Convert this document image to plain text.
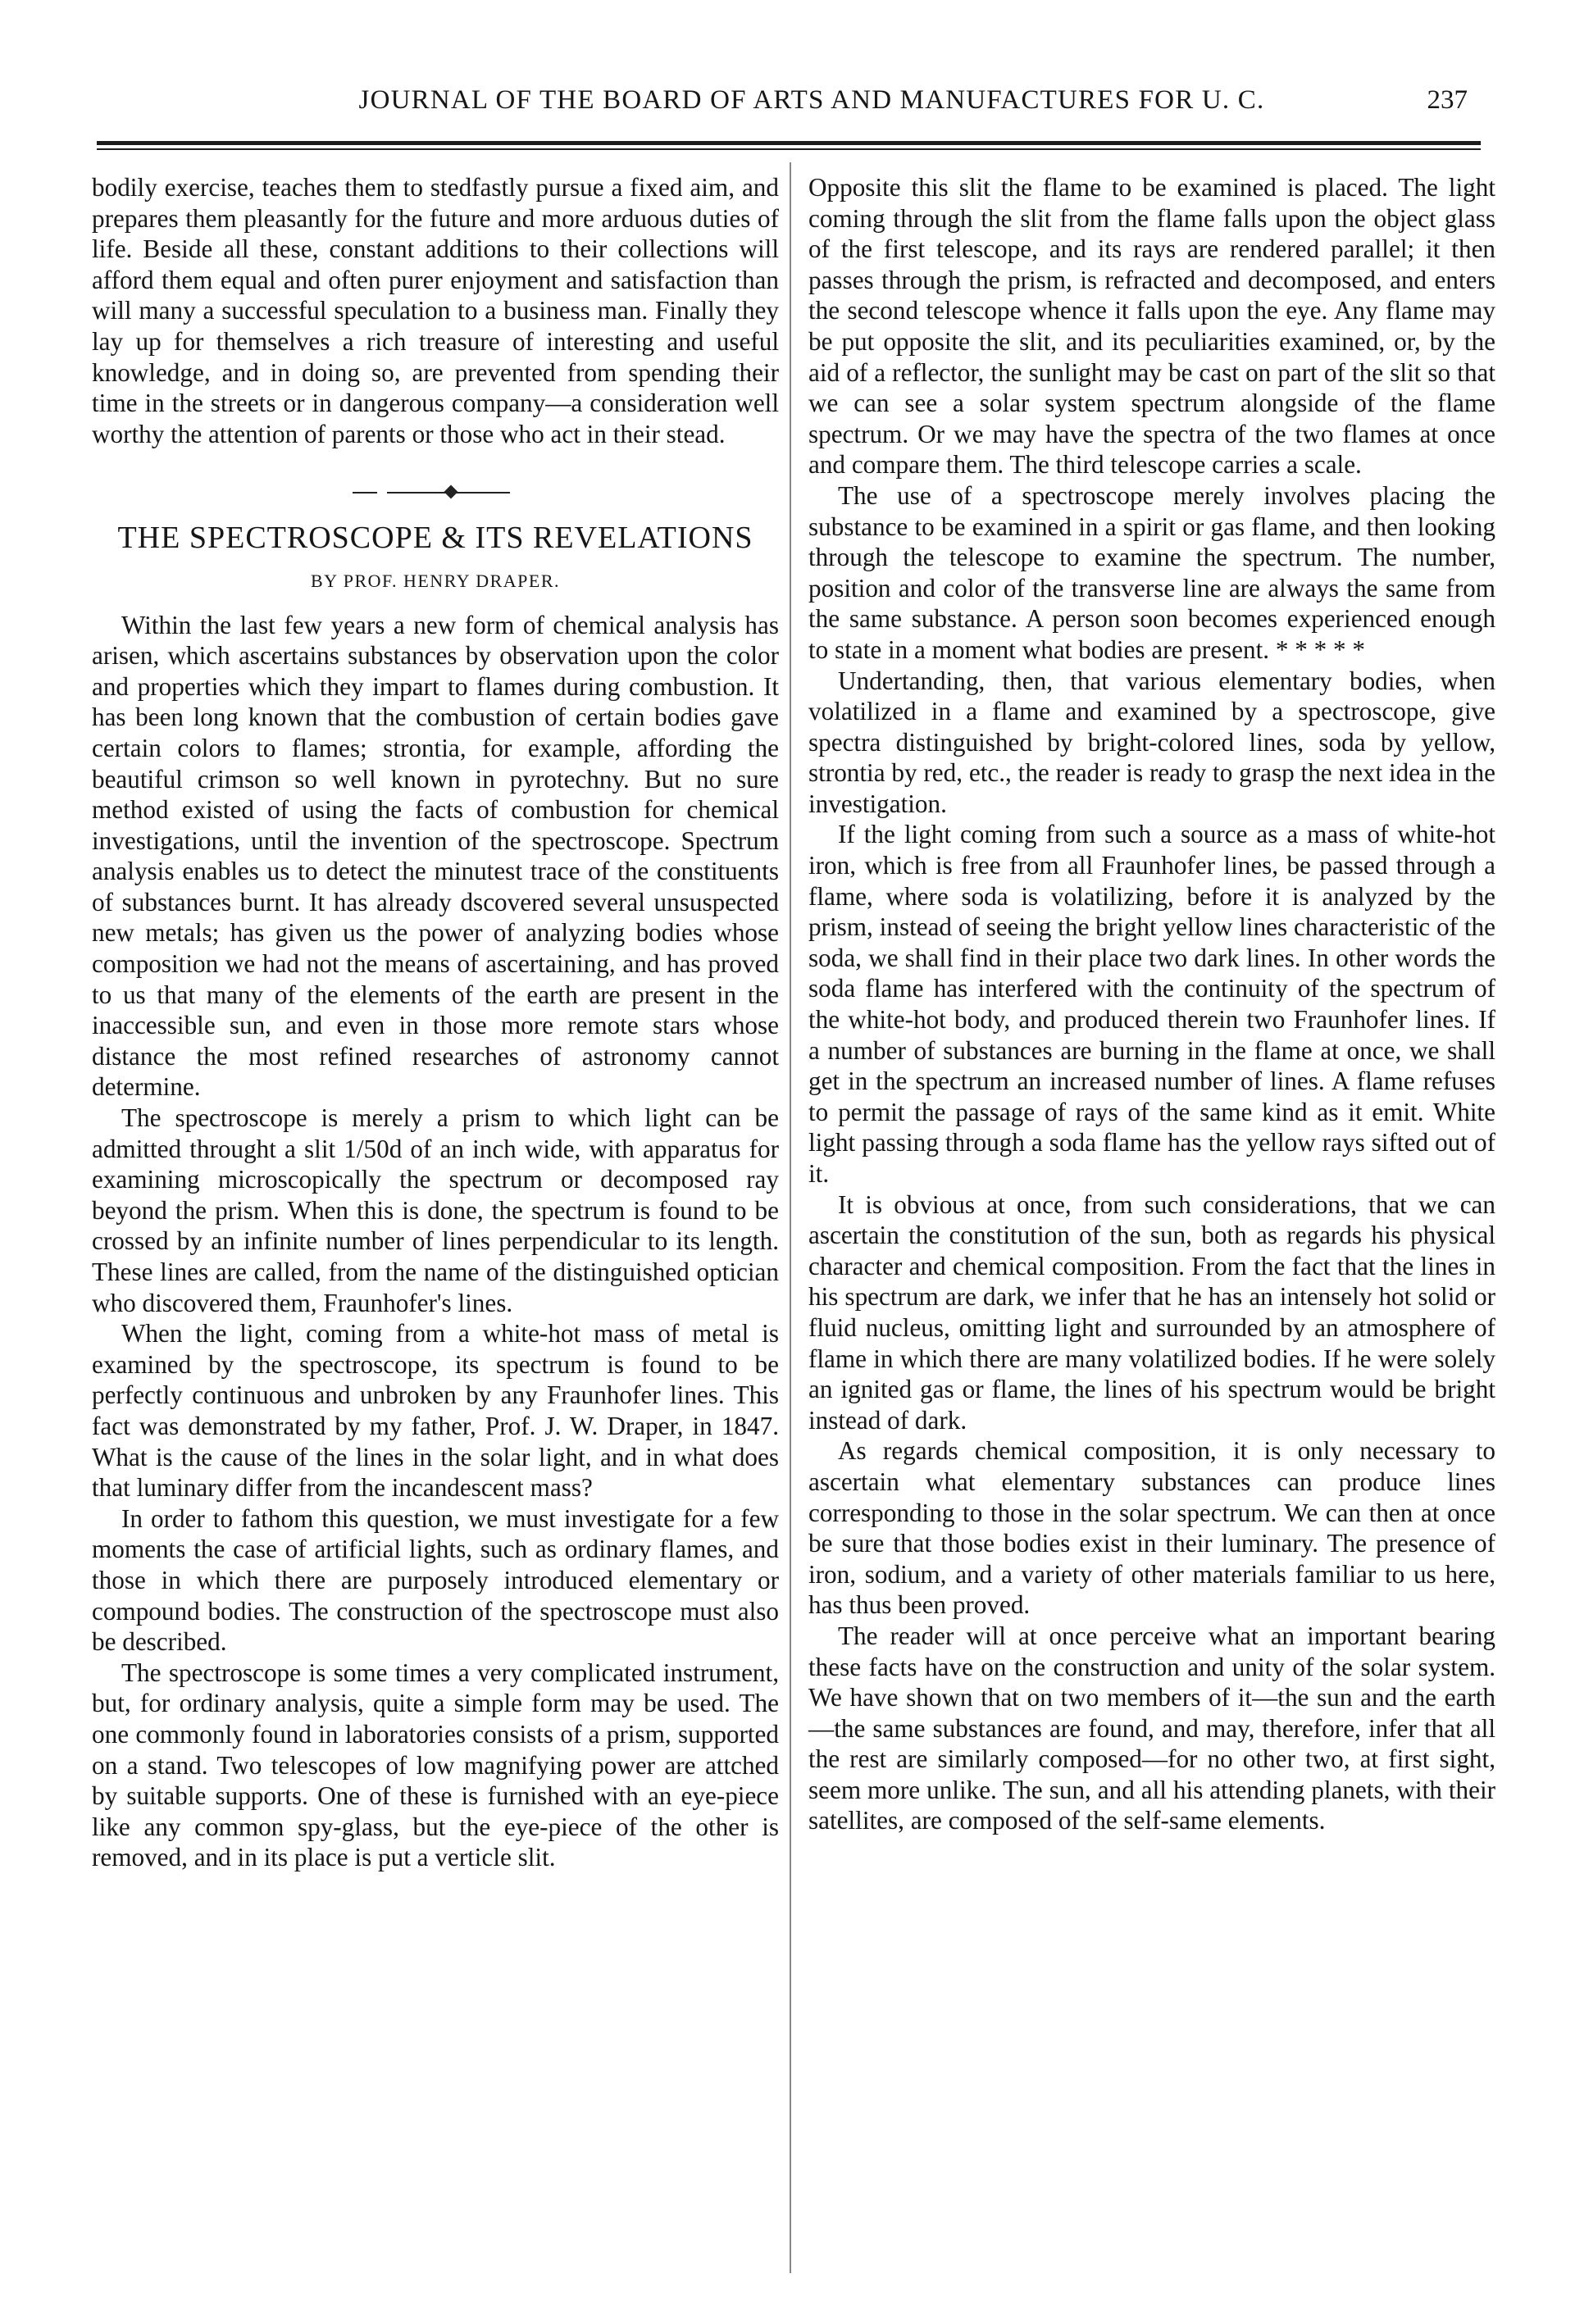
JOURNAL OF THE BOARD OF ARTS AND MANUFACTURES FOR U. C.	237

bodily exercise, teaches them to stedfastly pursue a fixed aim, and prepares them pleasantly for the future and more arduous duties of life. Beside all these, constant additions to their collections will afford them equal and often purer enjoyment and satisfaction than will many a successful speculation to a business man. Finally they lay up for themselves a rich treasure of interesting and useful knowledge, and in doing so, are prevented from spending their time in the streets or in dangerous company—a consideration well worthy the attention of parents or those who act in their stead.

THE SPECTROSCOPE & ITS REVELATIONS
BY PROF. HENRY DRAPER.

Within the last few years a new form of chemical analysis has arisen, which ascertains substances by observation upon the color and properties which they impart to flames during combustion. It has been long known that the combustion of certain bodies gave certain colors to flames; strontia, for example, affording the beautiful crimson so well known in pyrotechny. But no sure method existed of using the facts of combustion for chemical investigations, until the invention of the spectroscope. Spectrum analysis enables us to detect the minutest trace of the constituents of substances burnt. It has already dscovered several unsuspected new metals; has given us the power of analyzing bodies whose composition we had not the means of ascertaining, and has proved to us that many of the elements of the earth are present in the inaccessible sun, and even in those more remote stars whose distance the most refined researches of astronomy cannot determine.

The spectroscope is merely a prism to which light can be admitted throught a slit 1/50d of an inch wide, with apparatus for examining microscopically the spectrum or decomposed ray beyond the prism. When this is done, the spectrum is found to be crossed by an infinite number of lines perpendicular to its length. These lines are called, from the name of the distinguished optician who discovered them, Fraunhofer's lines.

When the light, coming from a white-hot mass of metal is examined by the spectroscope, its spectrum is found to be perfectly continuous and unbroken by any Fraunhofer lines. This fact was demonstrated by my father, Prof. J. W. Draper, in 1847. What is the cause of the lines in the solar light, and in what does that luminary differ from the incandescent mass?

In order to fathom this question, we must investigate for a few moments the case of artificial lights, such as ordinary flames, and those in which there are purposely introduced elementary or compound bodies. The construction of the spectroscope must also be described.

The spectroscope is some times a very complicated instrument, but, for ordinary analysis, quite a simple form may be used. The one commonly found in laboratories consists of a prism, supported on a stand. Two telescopes of low magnifying power are attched by suitable supports. One of these is furnished with an eye-piece like any common spy-glass, but the eye-piece of the other is removed, and in its place is put a verticle slit.

Opposite this slit the flame to be examined is placed. The light coming through the slit from the flame falls upon the object glass of the first telescope, and its rays are rendered parallel; it then passes through the prism, is refracted and decomposed, and enters the second telescope whence it falls upon the eye. Any flame may be put opposite the slit, and its peculiarities examined, or, by the aid of a reflector, the sunlight may be cast on part of the slit so that we can see a solar system spectrum alongside of the flame spectrum. Or we may have the spectra of the two flames at once and compare them. The third telescope carries a scale.

The use of a spectroscope merely involves placing the substance to be examined in a spirit or gas flame, and then looking through the telescope to examine the spectrum. The number, position and color of the transverse line are always the same from the same substance. A person soon becomes experienced enough to state in a moment what bodies are present. * * * * *

Undertanding, then, that various elementary bodies, when volatilized in a flame and examined by a spectroscope, give spectra distinguished by bright-colored lines, soda by yellow, strontia by red, etc., the reader is ready to grasp the next idea in the investigation.

If the light coming from such a source as a mass of white-hot iron, which is free from all Fraunhofer lines, be passed through a flame, where soda is volatilizing, before it is analyzed by the prism, instead of seeing the bright yellow lines characteristic of the soda, we shall find in their place two dark lines. In other words the soda flame has interfered with the continuity of the spectrum of the white-hot body, and produced therein two Fraunhofer lines. If a number of substances are burning in the flame at once, we shall get in the spectrum an increased number of lines. A flame refuses to permit the passage of rays of the same kind as it emit. White light passing through a soda flame has the yellow rays sifted out of it.

It is obvious at once, from such considerations, that we can ascertain the constitution of the sun, both as regards his physical character and chemical composition. From the fact that the lines in his spectrum are dark, we infer that he has an intensely hot solid or fluid nucleus, omitting light and surrounded by an atmosphere of flame in which there are many volatilized bodies. If he were solely an ignited gas or flame, the lines of his spectrum would be bright instead of dark.

As regards chemical composition, it is only necessary to ascertain what elementary substances can produce lines corresponding to those in the solar spectrum. We can then at once be sure that those bodies exist in their luminary. The presence of iron, sodium, and a variety of other materials familiar to us here, has thus been proved.

The reader will at once perceive what an important bearing these facts have on the construction and unity of the solar system. We have shown that on two members of it—the sun and the earth—the same substances are found, and may, therefore, infer that all the rest are similarly composed—for no other two, at first sight, seem more unlike. The sun, and all his attending planets, with their satellites, are composed of the self-same elements.
